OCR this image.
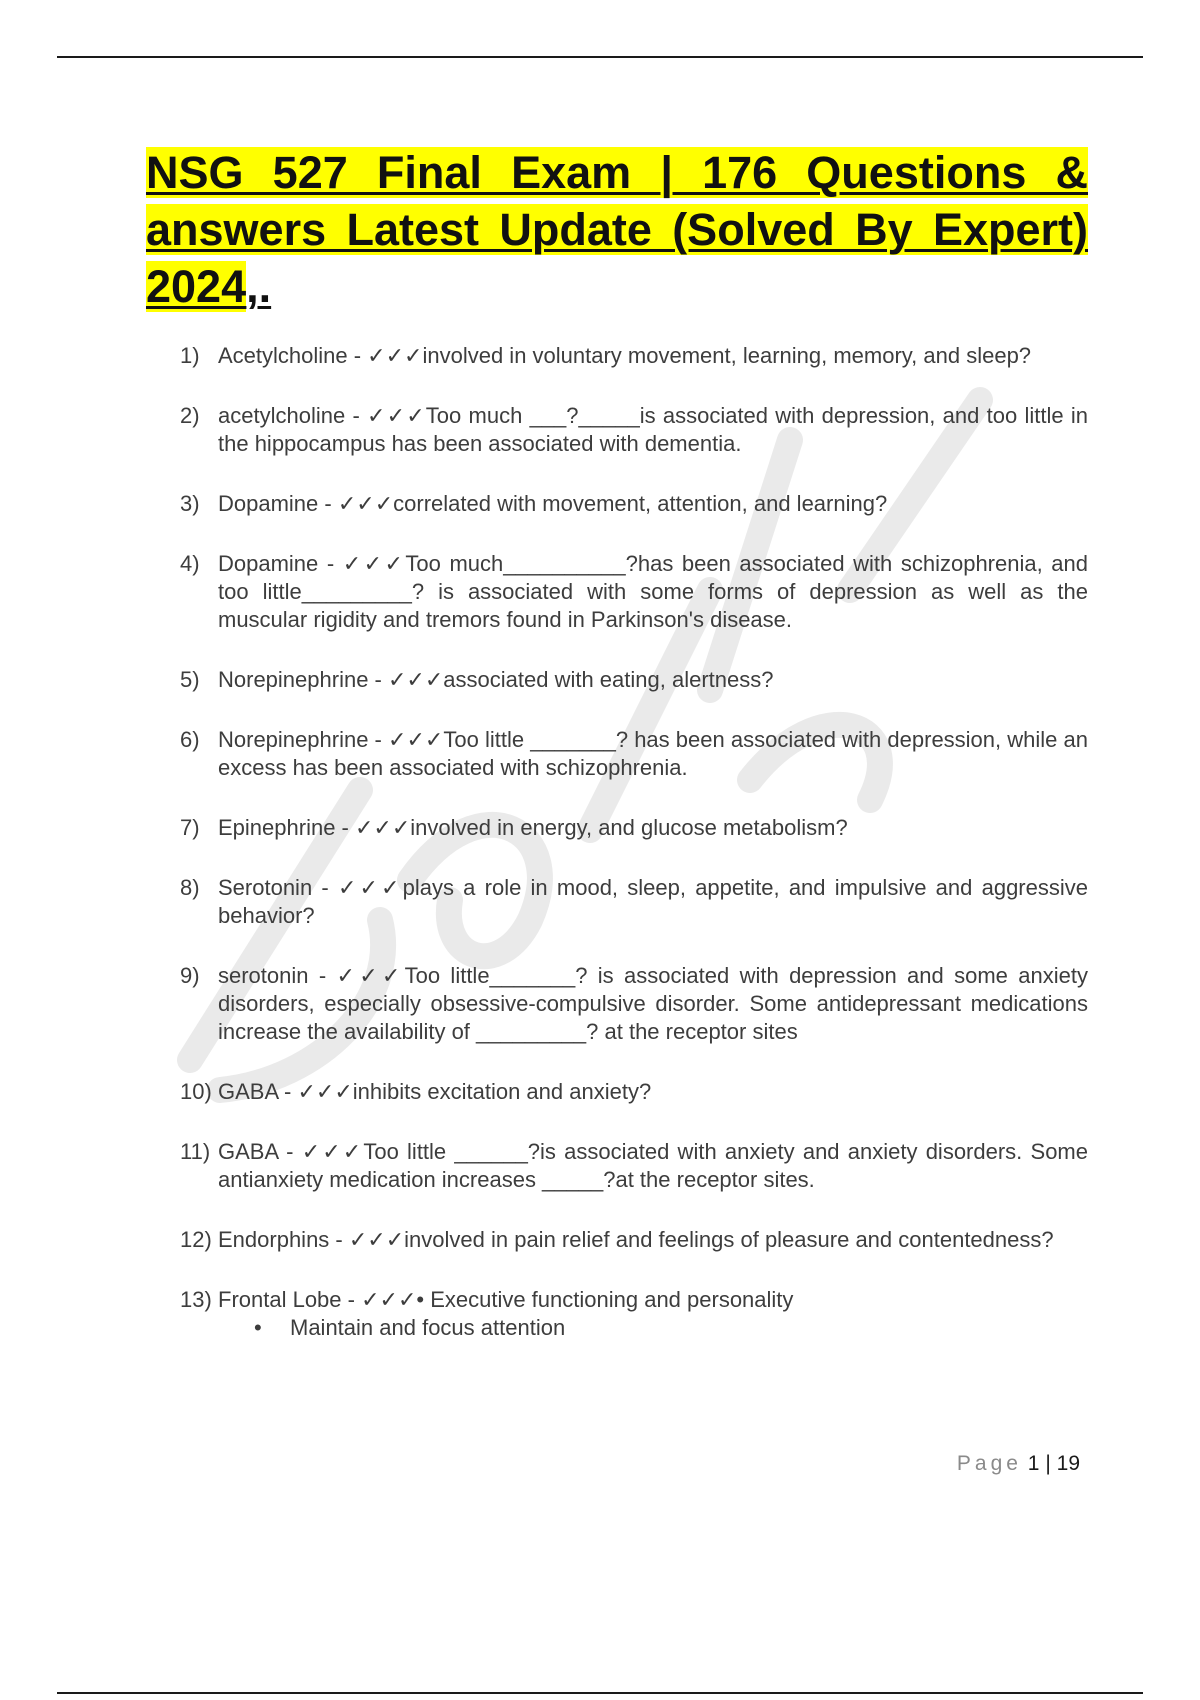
NSG 527 Final Exam | 176 Questions & answers Latest Update (Solved By Expert) 2024,.
1) Acetylcholine - ✓✓✓involved in voluntary movement, learning, memory, and sleep?
2) acetylcholine - ✓✓✓Too much ___?_____is associated with depression, and too little in the hippocampus has been associated with dementia.
3) Dopamine - ✓✓✓correlated with movement, attention, and learning?
4) Dopamine - ✓✓✓Too much__________?has been associated with schizophrenia, and too little_________? is associated with some forms of depression as well as the muscular rigidity and tremors found in Parkinson's disease.
5) Norepinephrine - ✓✓✓associated with eating, alertness?
6) Norepinephrine - ✓✓✓Too little _______? has been associated with depression, while an excess has been associated with schizophrenia.
7) Epinephrine - ✓✓✓involved in energy, and glucose metabolism?
8) Serotonin - ✓✓✓plays a role in mood, sleep, appetite, and impulsive and aggressive behavior?
9) serotonin - ✓✓✓Too little_______? is associated with depression and some anxiety disorders, especially obsessive-compulsive disorder. Some antidepressant medications increase the availability of _________? at the receptor sites
10) GABA - ✓✓✓inhibits excitation and anxiety?
11) GABA - ✓✓✓Too little ______?is associated with anxiety and anxiety disorders. Some antianxiety medication increases _____?at the receptor sites.
12) Endorphins - ✓✓✓involved in pain relief and feelings of pleasure and contentedness?
13) Frontal Lobe - ✓✓✓• Executive functioning and personality
• Maintain and focus attention
Page 1 | 19
